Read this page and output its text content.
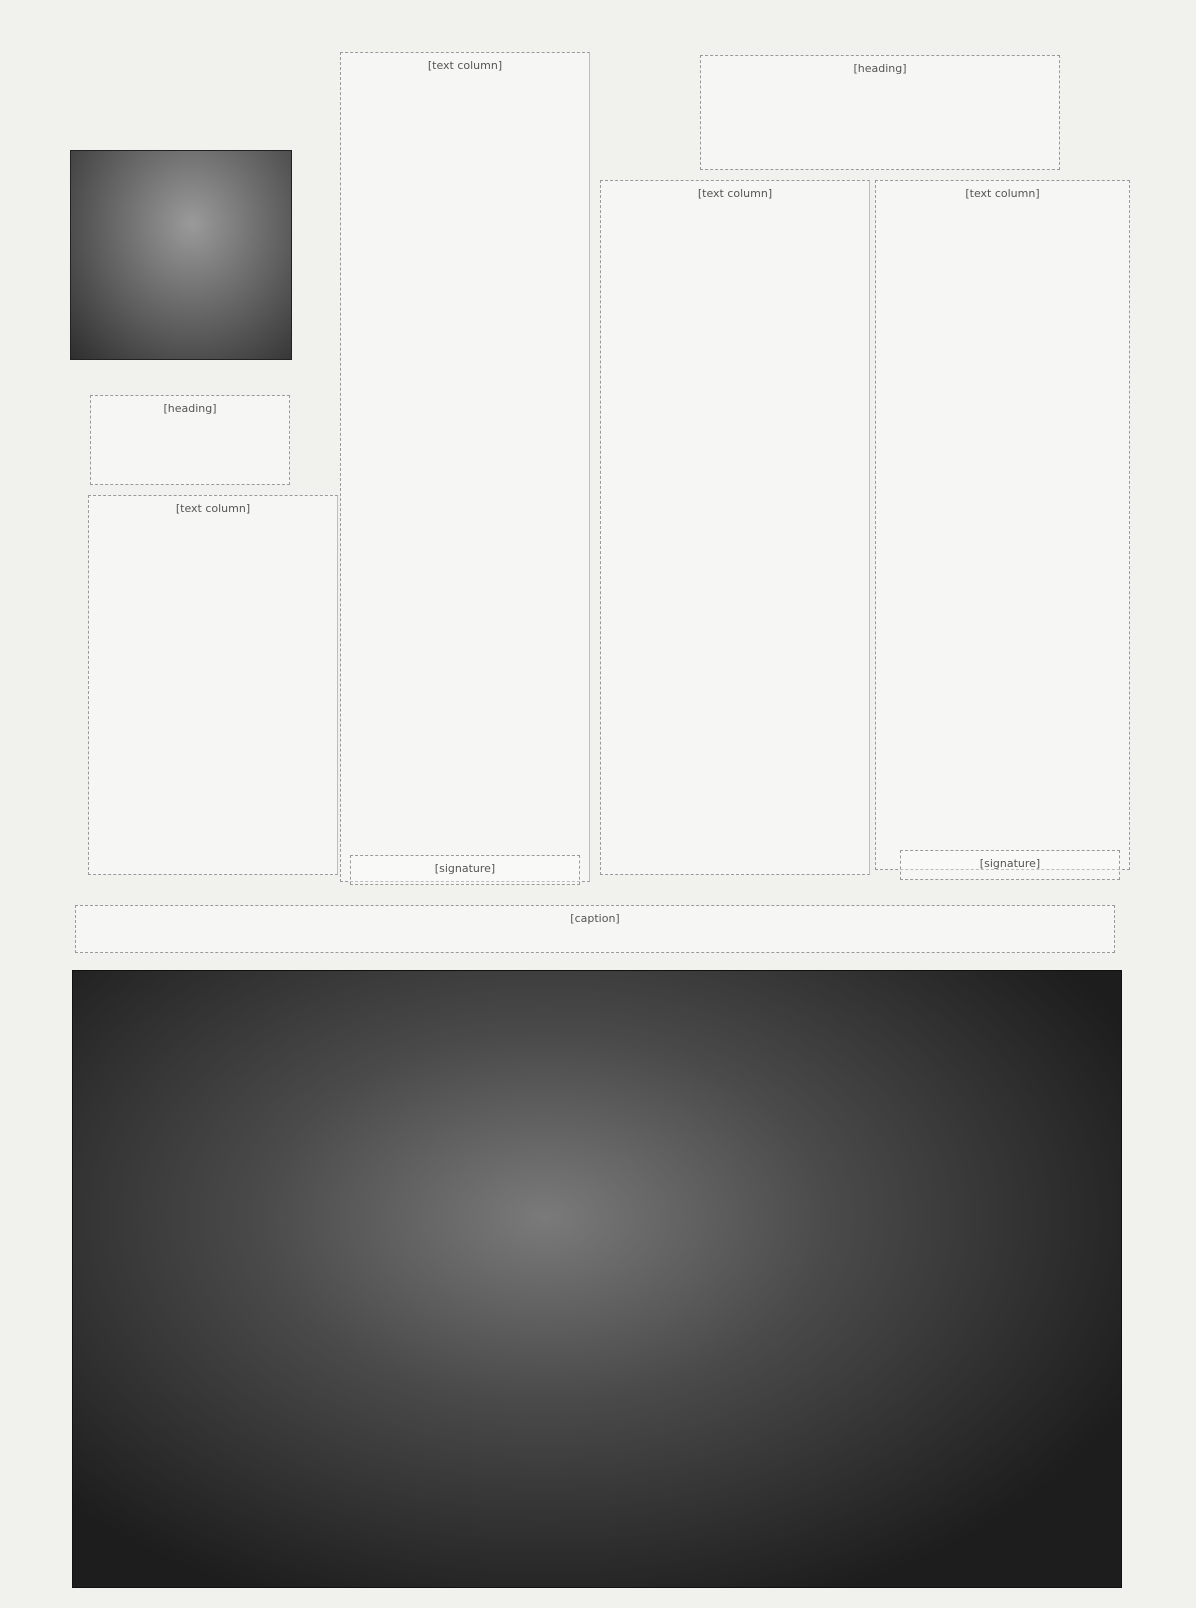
[heading]
[text column]
[text column]
[signature]
[heading]
[text column]	[text column]
[signature]
[caption]
